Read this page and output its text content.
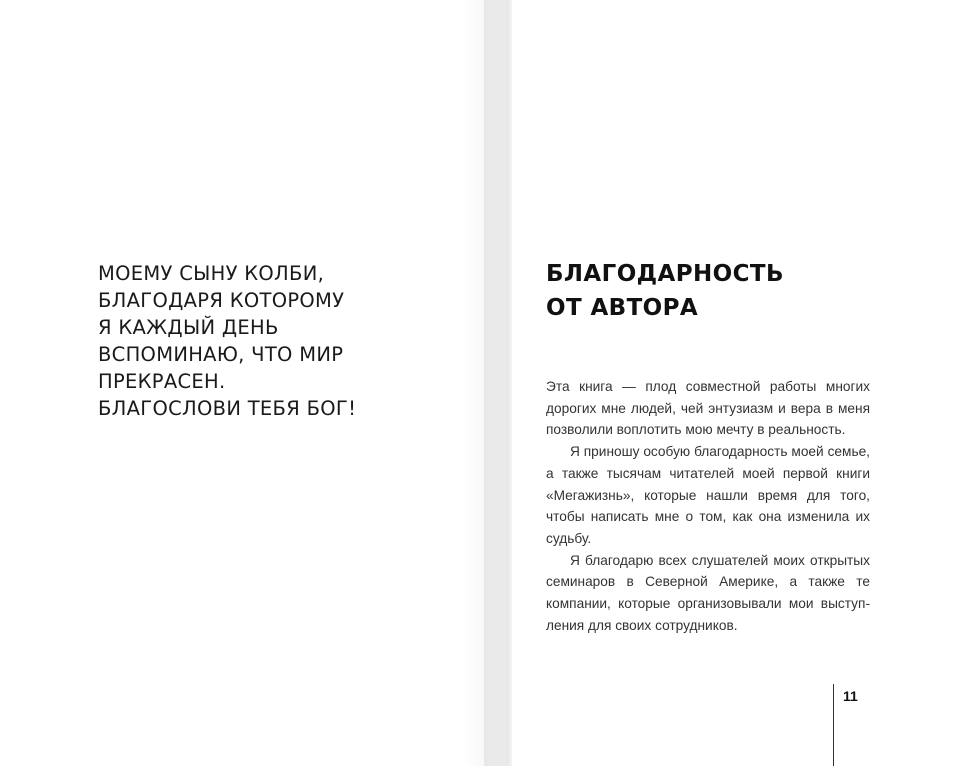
МОЕМУ СЫНУ КОЛБИ,
БЛАГОДАРЯ КОТОРОМУ
Я КАЖДЫЙ ДЕНЬ
ВСПОМИНАЮ, ЧТО МИР
ПРЕКРАСЕН.
БЛАГОСЛОВИ ТЕБЯ БОГ!
БЛАГОДАРНОСТЬ
ОТ АВТОРА

Эта книга — плод совместной работы многих дорогих мне людей, чей энтузиазм и вера в меня позволили воплотить мою мечту в реальность.

Я приношу особую благодарность моей семье, а также тысячам читателей моей первой книги «Мегажизнь», которые нашли время для того, чтобы написать мне о том, как она изменила их судьбу.

Я благодарю всех слушателей моих открытых семинаров в Северной Америке, а также те компании, которые организовывали мои выступления для своих сотрудников.

11
